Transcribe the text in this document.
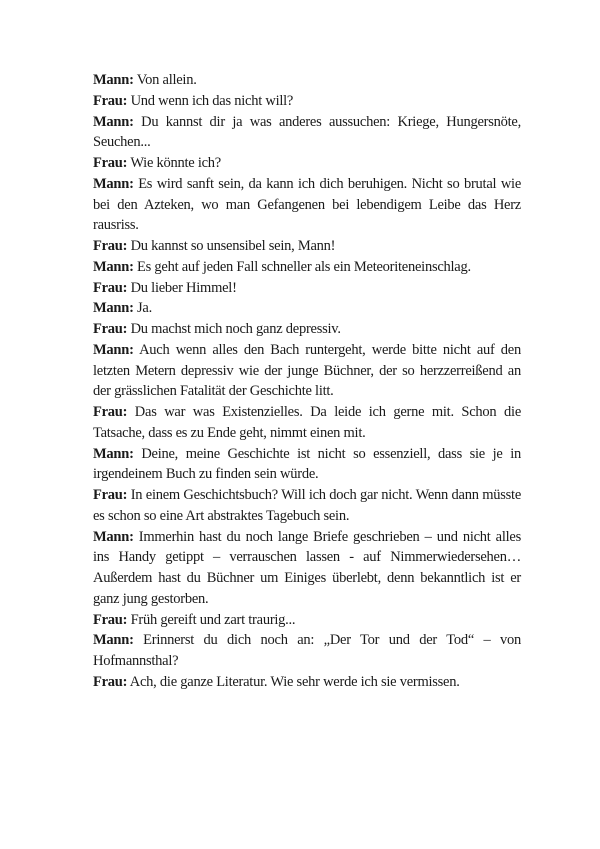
Mann: Von allein.

Frau: Und wenn ich das nicht will?

Mann: Du kannst dir ja was anderes aussuchen: Kriege, Hungersnöte, Seuchen...

Frau: Wie könnte ich?

Mann: Es wird sanft sein, da kann ich dich beruhigen. Nicht so brutal wie bei den Azteken, wo man Gefangenen bei lebendigem Leibe das Herz rausriss.

Frau: Du kannst so unsensibel sein, Mann!

Mann: Es geht auf jeden Fall schneller als ein Meteoriteneinschlag.

Frau: Du lieber Himmel!

Mann: Ja.

Frau: Du machst mich noch ganz depressiv.

Mann: Auch wenn alles den Bach runtergeht, werde bitte nicht auf den letzten Metern depressiv wie der junge Büchner, der so herzzerreißend an der grässlichen Fatalität der Geschichte litt.

Frau: Das war was Existenzielles. Da leide ich gerne mit. Schon die Tatsache, dass es zu Ende geht, nimmt einen mit.

Mann: Deine, meine Geschichte ist nicht so essenziell, dass sie je in irgendeinem Buch zu finden sein würde.

Frau: In einem Geschichtsbuch? Will ich doch gar nicht. Wenn dann müsste es schon so eine Art abstraktes Tagebuch sein.

Mann: Immerhin hast du noch lange Briefe geschrieben – und nicht alles ins Handy getippt – verrauschen lassen - auf Nimmerwiedersehen… Außerdem hast du Büchner um Einiges überlebt, denn bekanntlich ist er ganz jung gestorben.

Frau: Früh gereift und zart traurig...

Mann: Erinnerst du dich noch an: „Der Tor und der Tod“ – von Hofmannsthal?

Frau: Ach, die ganze Literatur. Wie sehr werde ich sie vermissen.
